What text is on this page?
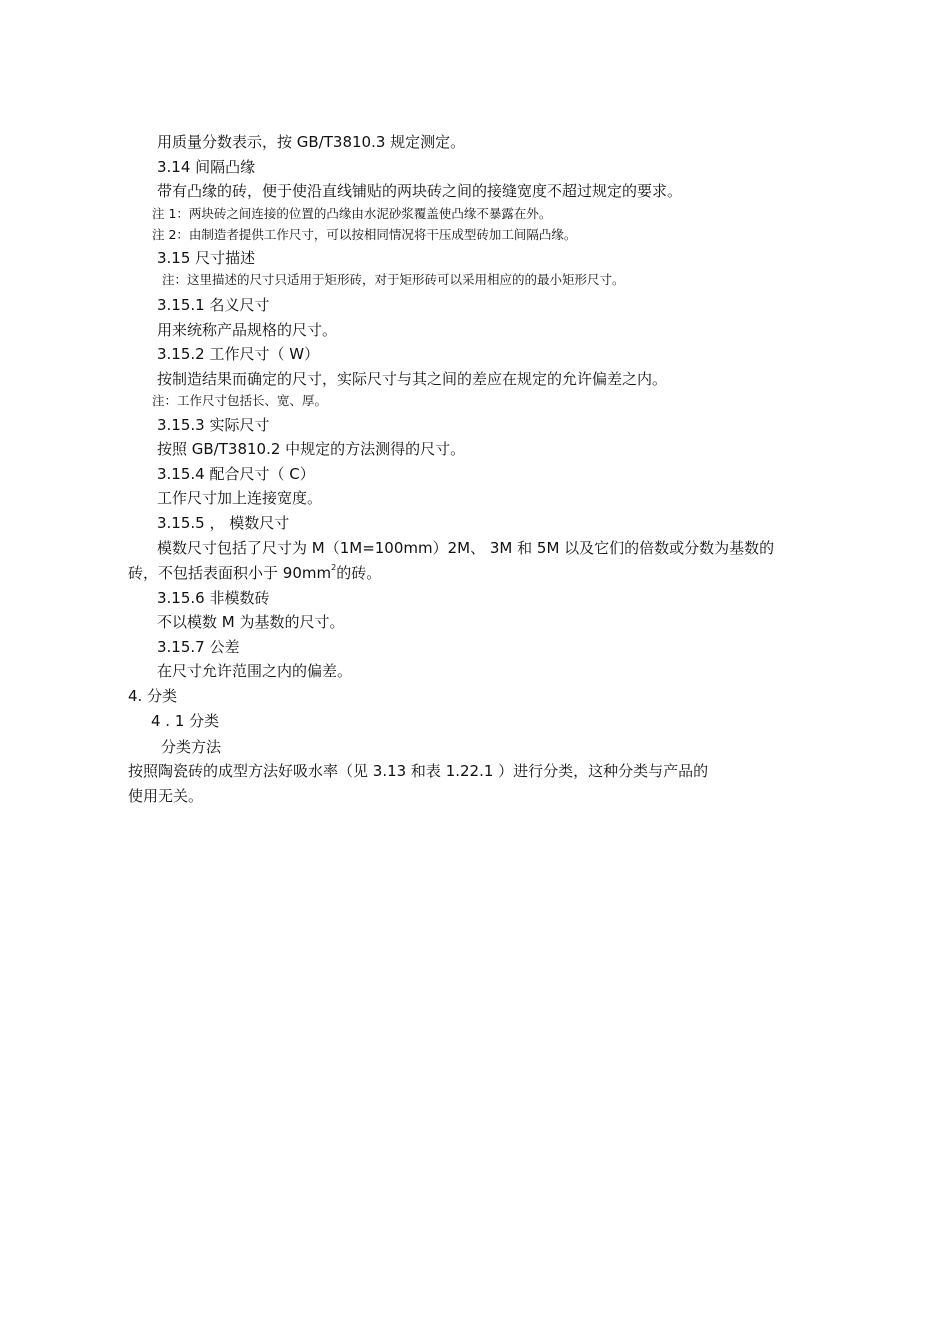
用质量分数表示，按 GB/T3810.3 规定测定。
3.14 间隔凸缘
带有凸缘的砖，便于使沿直线铺贴的两块砖之间的接缝宽度不超过规定的要求。
注 1：两块砖之间连接的位置的凸缘由水泥砂浆覆盖使凸缘不暴露在外。
注 2：由制造者提供工作尺寸，可以按相同情况将干压成型砖加工间隔凸缘。
3.15 尺寸描述
注：这里描述的尺寸只适用于矩形砖，对于矩形砖可以采用相应的的最小矩形尺寸。
3.15.1 名义尺寸
用来统称产品规格的尺寸。
3.15.2 工作尺寸（ W）
按制造结果而确定的尺寸，实际尺寸与其之间的差应在规定的允许偏差之内。
注：工作尺寸包括长、宽、厚。
3.15.3 实际尺寸
按照 GB/T3810.2 中规定的方法测得的尺寸。
3.15.4 配合尺寸（ C）
工作尺寸加上连接宽度。
3.15.5 ， 模数尺寸
模数尺寸包括了尺寸为 M（1M=100mm）2M、 3M 和 5M 以及它们的倍数或分数为基数的
砖，不包括表面积小于 $90mm^2$的砖。
3.15.6 非模数砖
不以模数 M 为基数的尺寸。
3.15.7 公差
在尺寸允许范围之内的偏差。
4. 分类
4 . 1 分类
分类方法
按照陶瓷砖的成型方法好吸水率（见 3.13 和表 1.22.1 ）进行分类，这种分类与产品的
使用无关。
